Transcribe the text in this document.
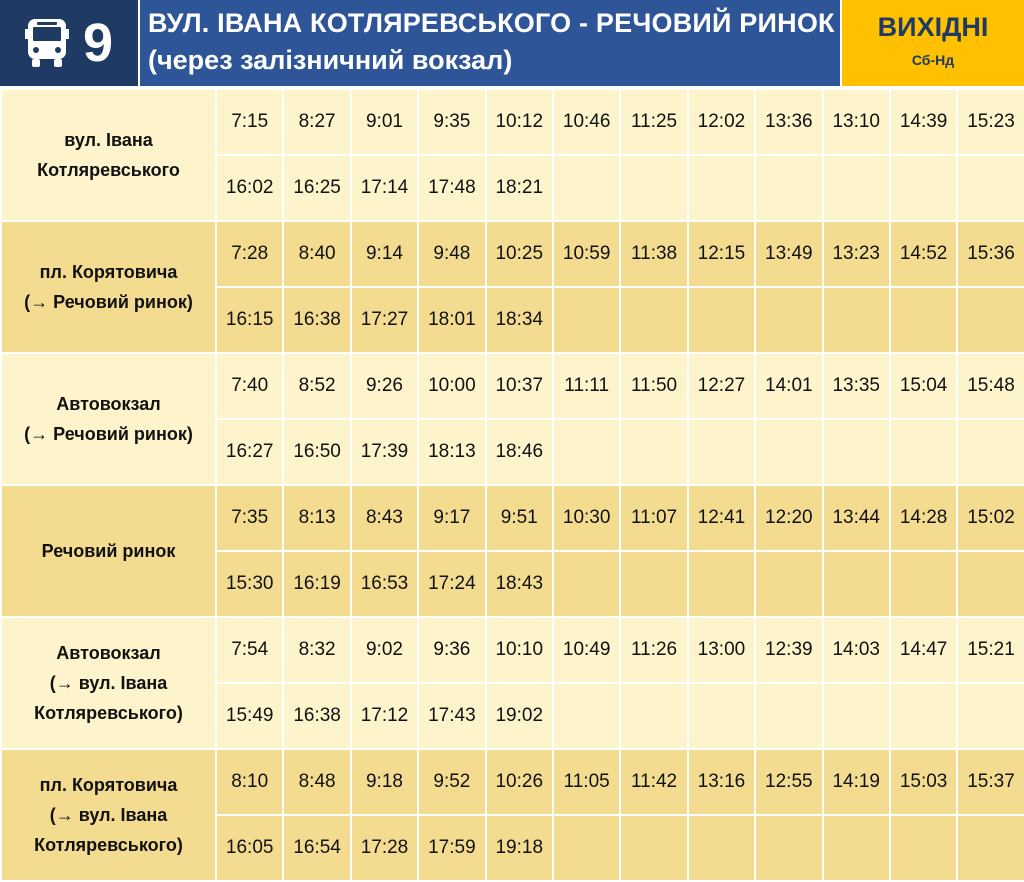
9 ВУЛ. ІВАНА КОТЛЯРЕВСЬКОГО - РЕЧОВИЙ РИНОК
(через залізничний вокзал)
ВИХІДНІ
Сб-Нд
вул. Івана
Котляревського	7:15	8:27	9:01	9:35	10:12	10:46	11:25	12:02	13:36	13:10	14:39	15:23
	16:02	16:25	17:14	17:48	18:21							

пл. Корятовича
(→ Речовий ринок)	7:28	8:40	9:14	9:48	10:25	10:59	11:38	12:15	13:49	13:23	14:52	15:36
	16:15	16:38	17:27	18:01	18:34							

Автовокзал
(→ Речовий ринок)	7:40	8:52	9:26	10:00	10:37	11:11	11:50	12:27	14:01	13:35	15:04	15:48
	16:27	16:50	17:39	18:13	18:46							

Речовий ринок	7:35	8:13	8:43	9:17	9:51	10:30	11:07	12:41	12:20	13:44	14:28	15:02
	15:30	16:19	16:53	17:24	18:43							

Автовокзал
(→ вул. Івана
Котляревського)	7:54	8:32	9:02	9:36	10:10	10:49	11:26	13:00	12:39	14:03	14:47	15:21
	15:49	16:38	17:12	17:43	19:02							

пл. Корятовича
(→ вул. Івана
Котляревського)	8:10	8:48	9:18	9:52	10:26	11:05	11:42	13:16	12:55	14:19	15:03	15:37
	16:05	16:54	17:28	17:59	19:18							
